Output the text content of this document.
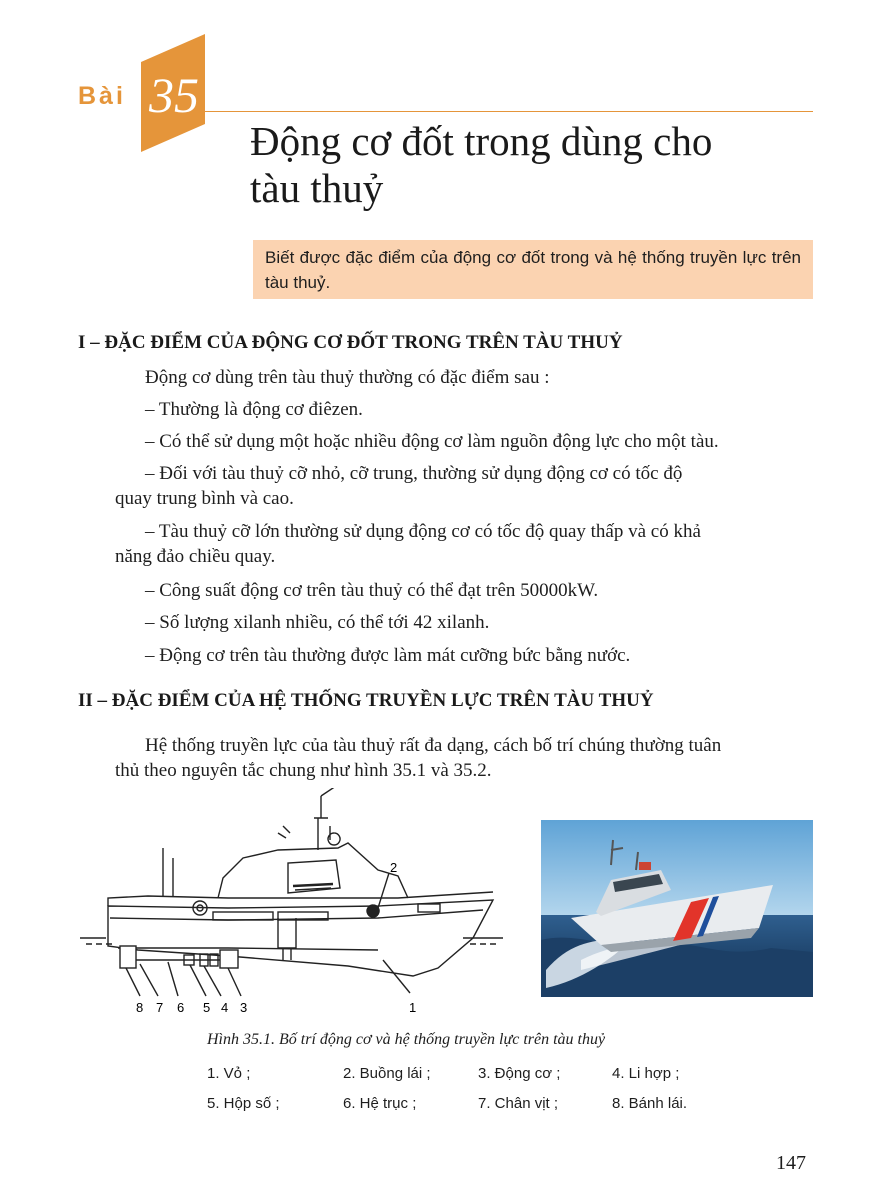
Bài 35
Động cơ đốt trong dùng cho
tàu thuỷ
Biết được đặc điểm của động cơ đốt trong và hệ thống truyền lực trên tàu thuỷ.
I – ĐẶC ĐIỂM CỦA ĐỘNG CƠ ĐỐT TRONG TRÊN TÀU THUỶ
Động cơ dùng trên tàu thuỷ thường có đặc điểm sau :
– Thường là động cơ điêzen.
– Có thể sử dụng một hoặc nhiều động cơ làm nguồn động lực cho một tàu.
– Đối với tàu thuỷ cỡ nhỏ, cỡ trung, thường sử dụng động cơ có tốc độ
quay trung bình và cao.
– Tàu thuỷ cỡ lớn thường sử dụng động cơ có tốc độ quay thấp và có khả
năng đảo chiều quay.
– Công suất động cơ trên tàu thuỷ có thể đạt trên 50000kW.
– Số lượng xilanh nhiều, có thể tới 42 xilanh.
– Động cơ trên tàu thường được làm mát cưỡng bức bằng nước.
II – ĐẶC ĐIỂM CỦA HỆ THỐNG TRUYỀN LỰC TRÊN TÀU THUỶ
Hệ thống truyền lực của tàu thuỷ rất đa dạng, cách bố trí chúng thường tuân
thủ theo nguyên tắc chung như hình 35.1 và 35.2.
2
1
8 7 6 5 4 3
Hình 35.1. Bố trí động cơ và hệ thống truyền lực trên tàu thuỷ
1. Vỏ ;	2. Buồng lái ;	3. Động cơ ;	4. Li hợp ;
5. Hộp số ;	6. Hệ trục ;	7. Chân vịt ;	8. Bánh lái.
147
